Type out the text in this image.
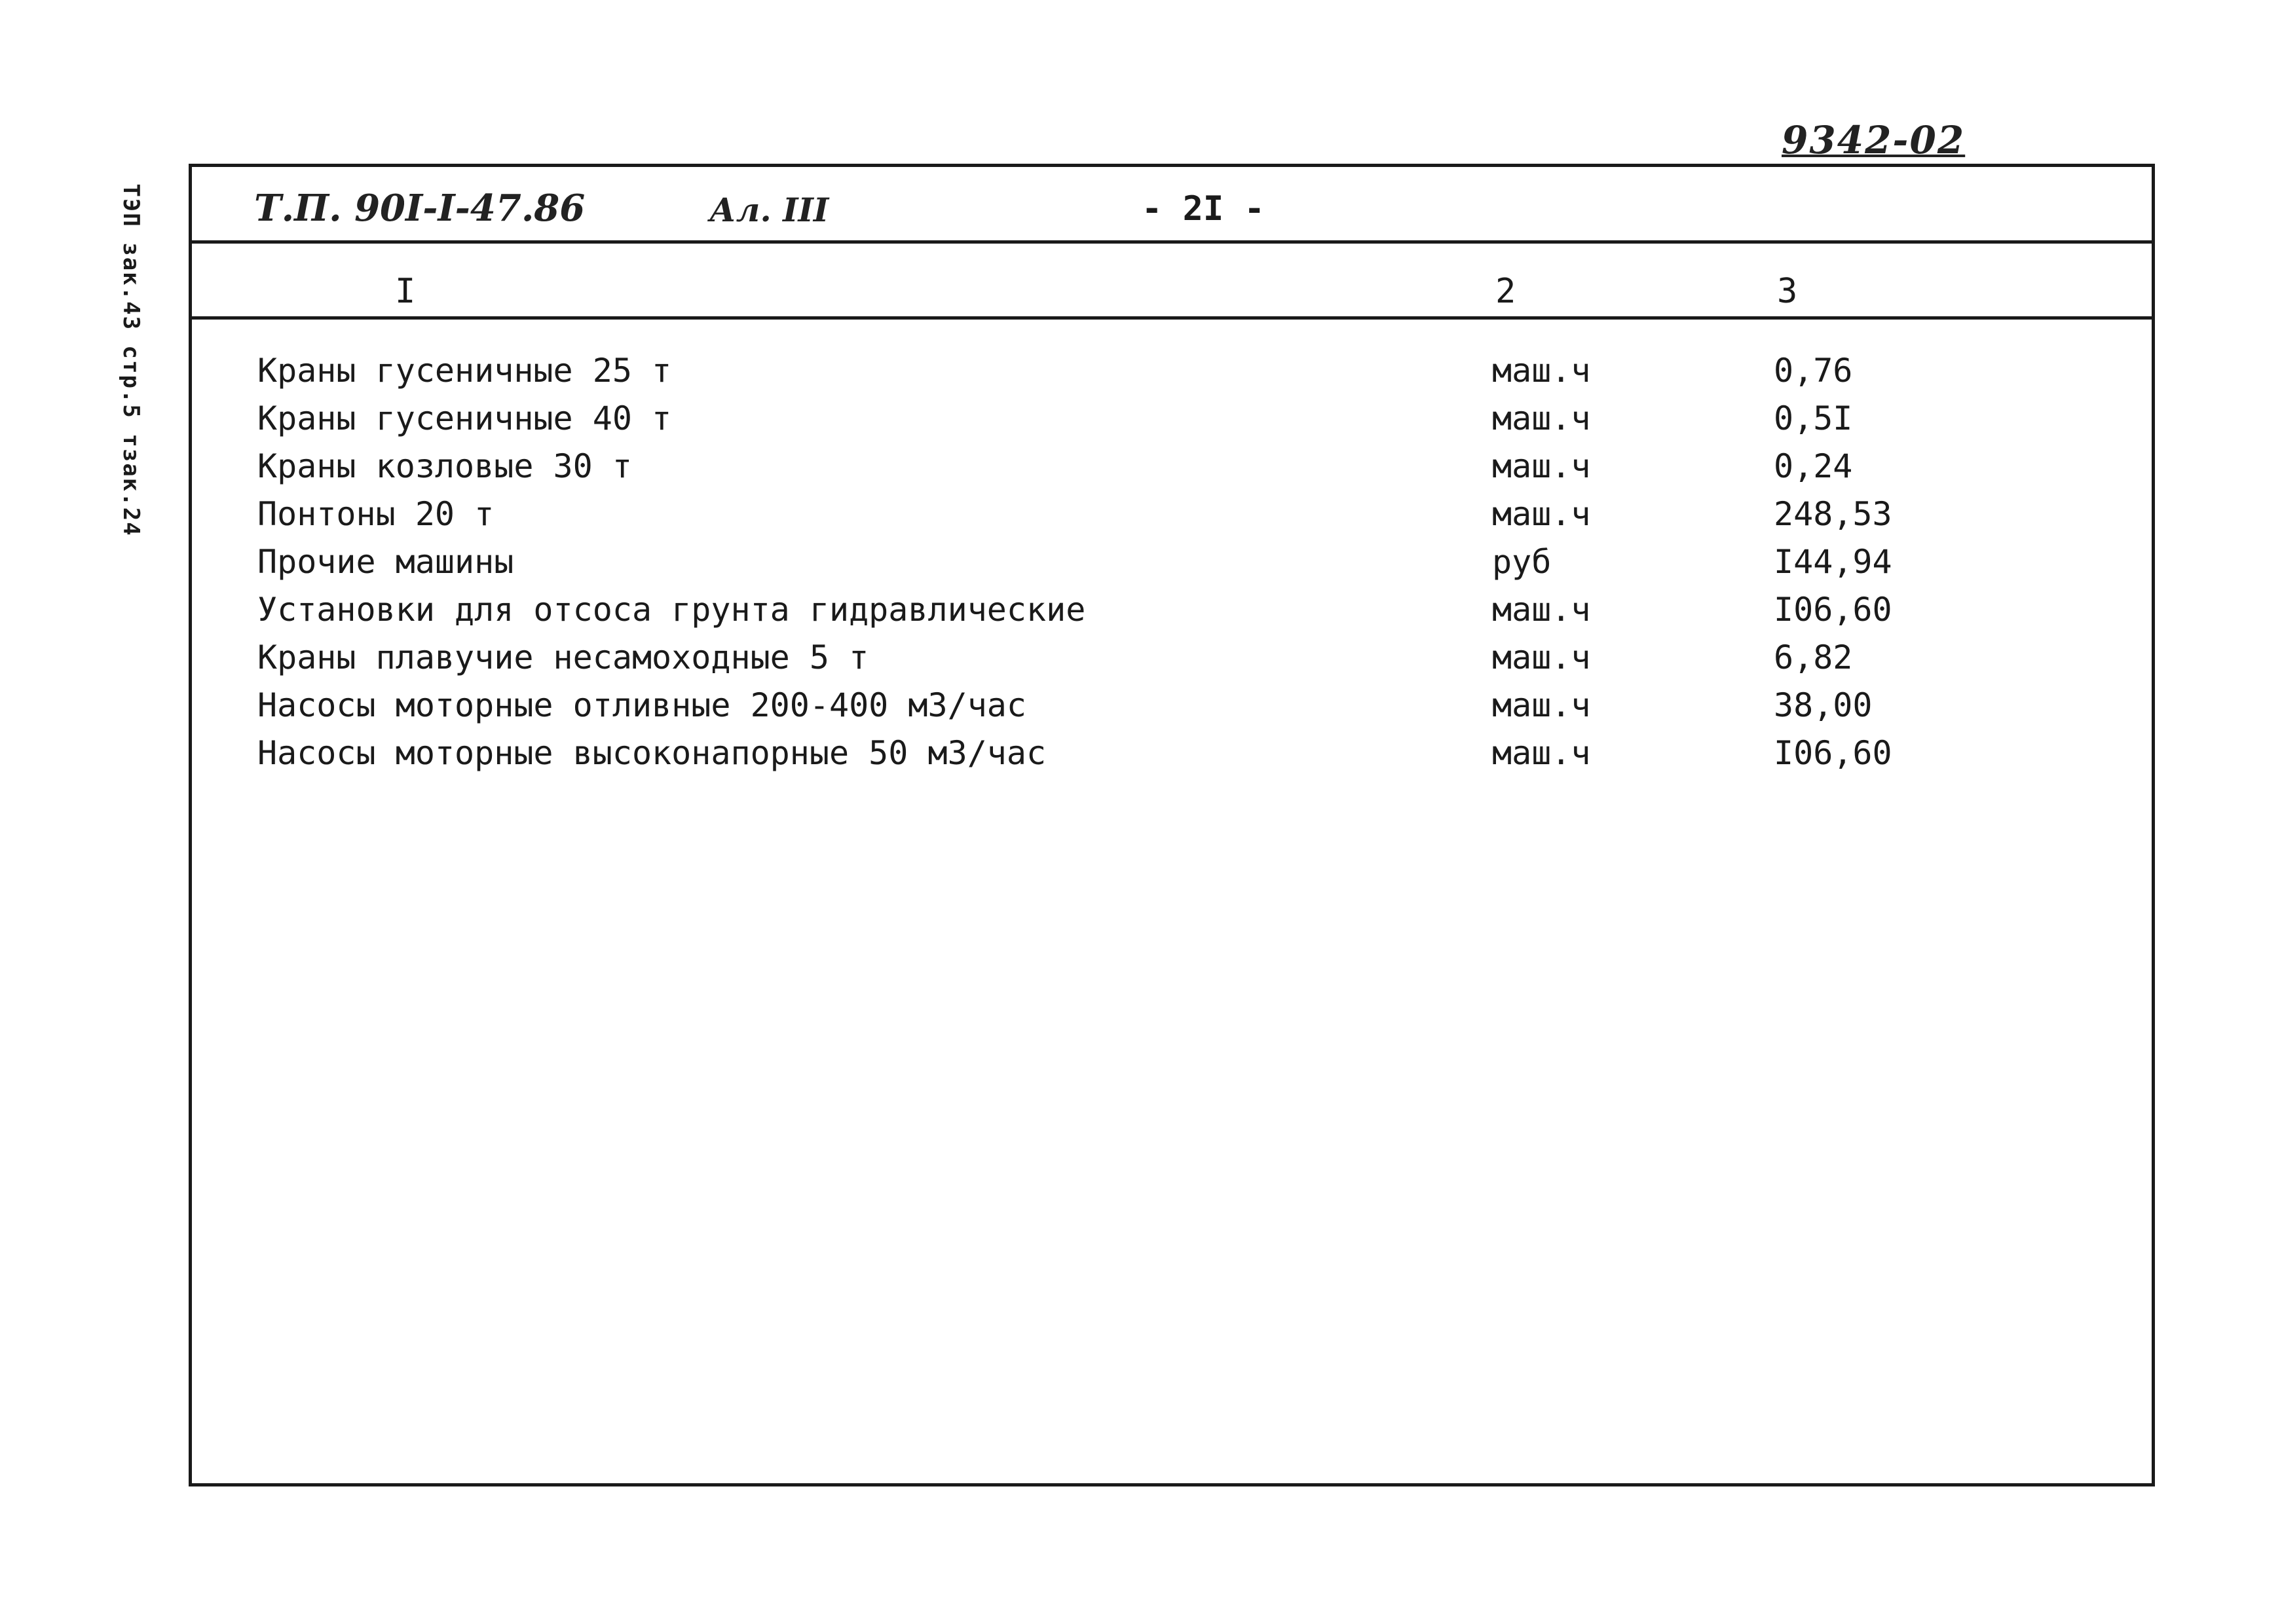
9342-02
ТЭП зак.43 стр.5 тзак.24	Т.П. 90I-I-47.86	Ал. III	- 2I -
I	2	3
Краны гусеничные 25 т	маш.ч	0,76
Краны гусеничные 40 т	маш.ч	0,5I
Краны козловые 30 т	маш.ч	0,24
Понтоны 20 т	маш.ч	248,53
Прочие машины	руб	I44,94
Установки для отсоса грунта гидравлические	маш.ч	I06,60
Краны плавучие несамоходные 5 т	маш.ч	6,82
Насосы моторные отливные 200-400 м3/час	маш.ч	38,00
Насосы моторные высоконапорные 50 м3/час	маш.ч	I06,60
